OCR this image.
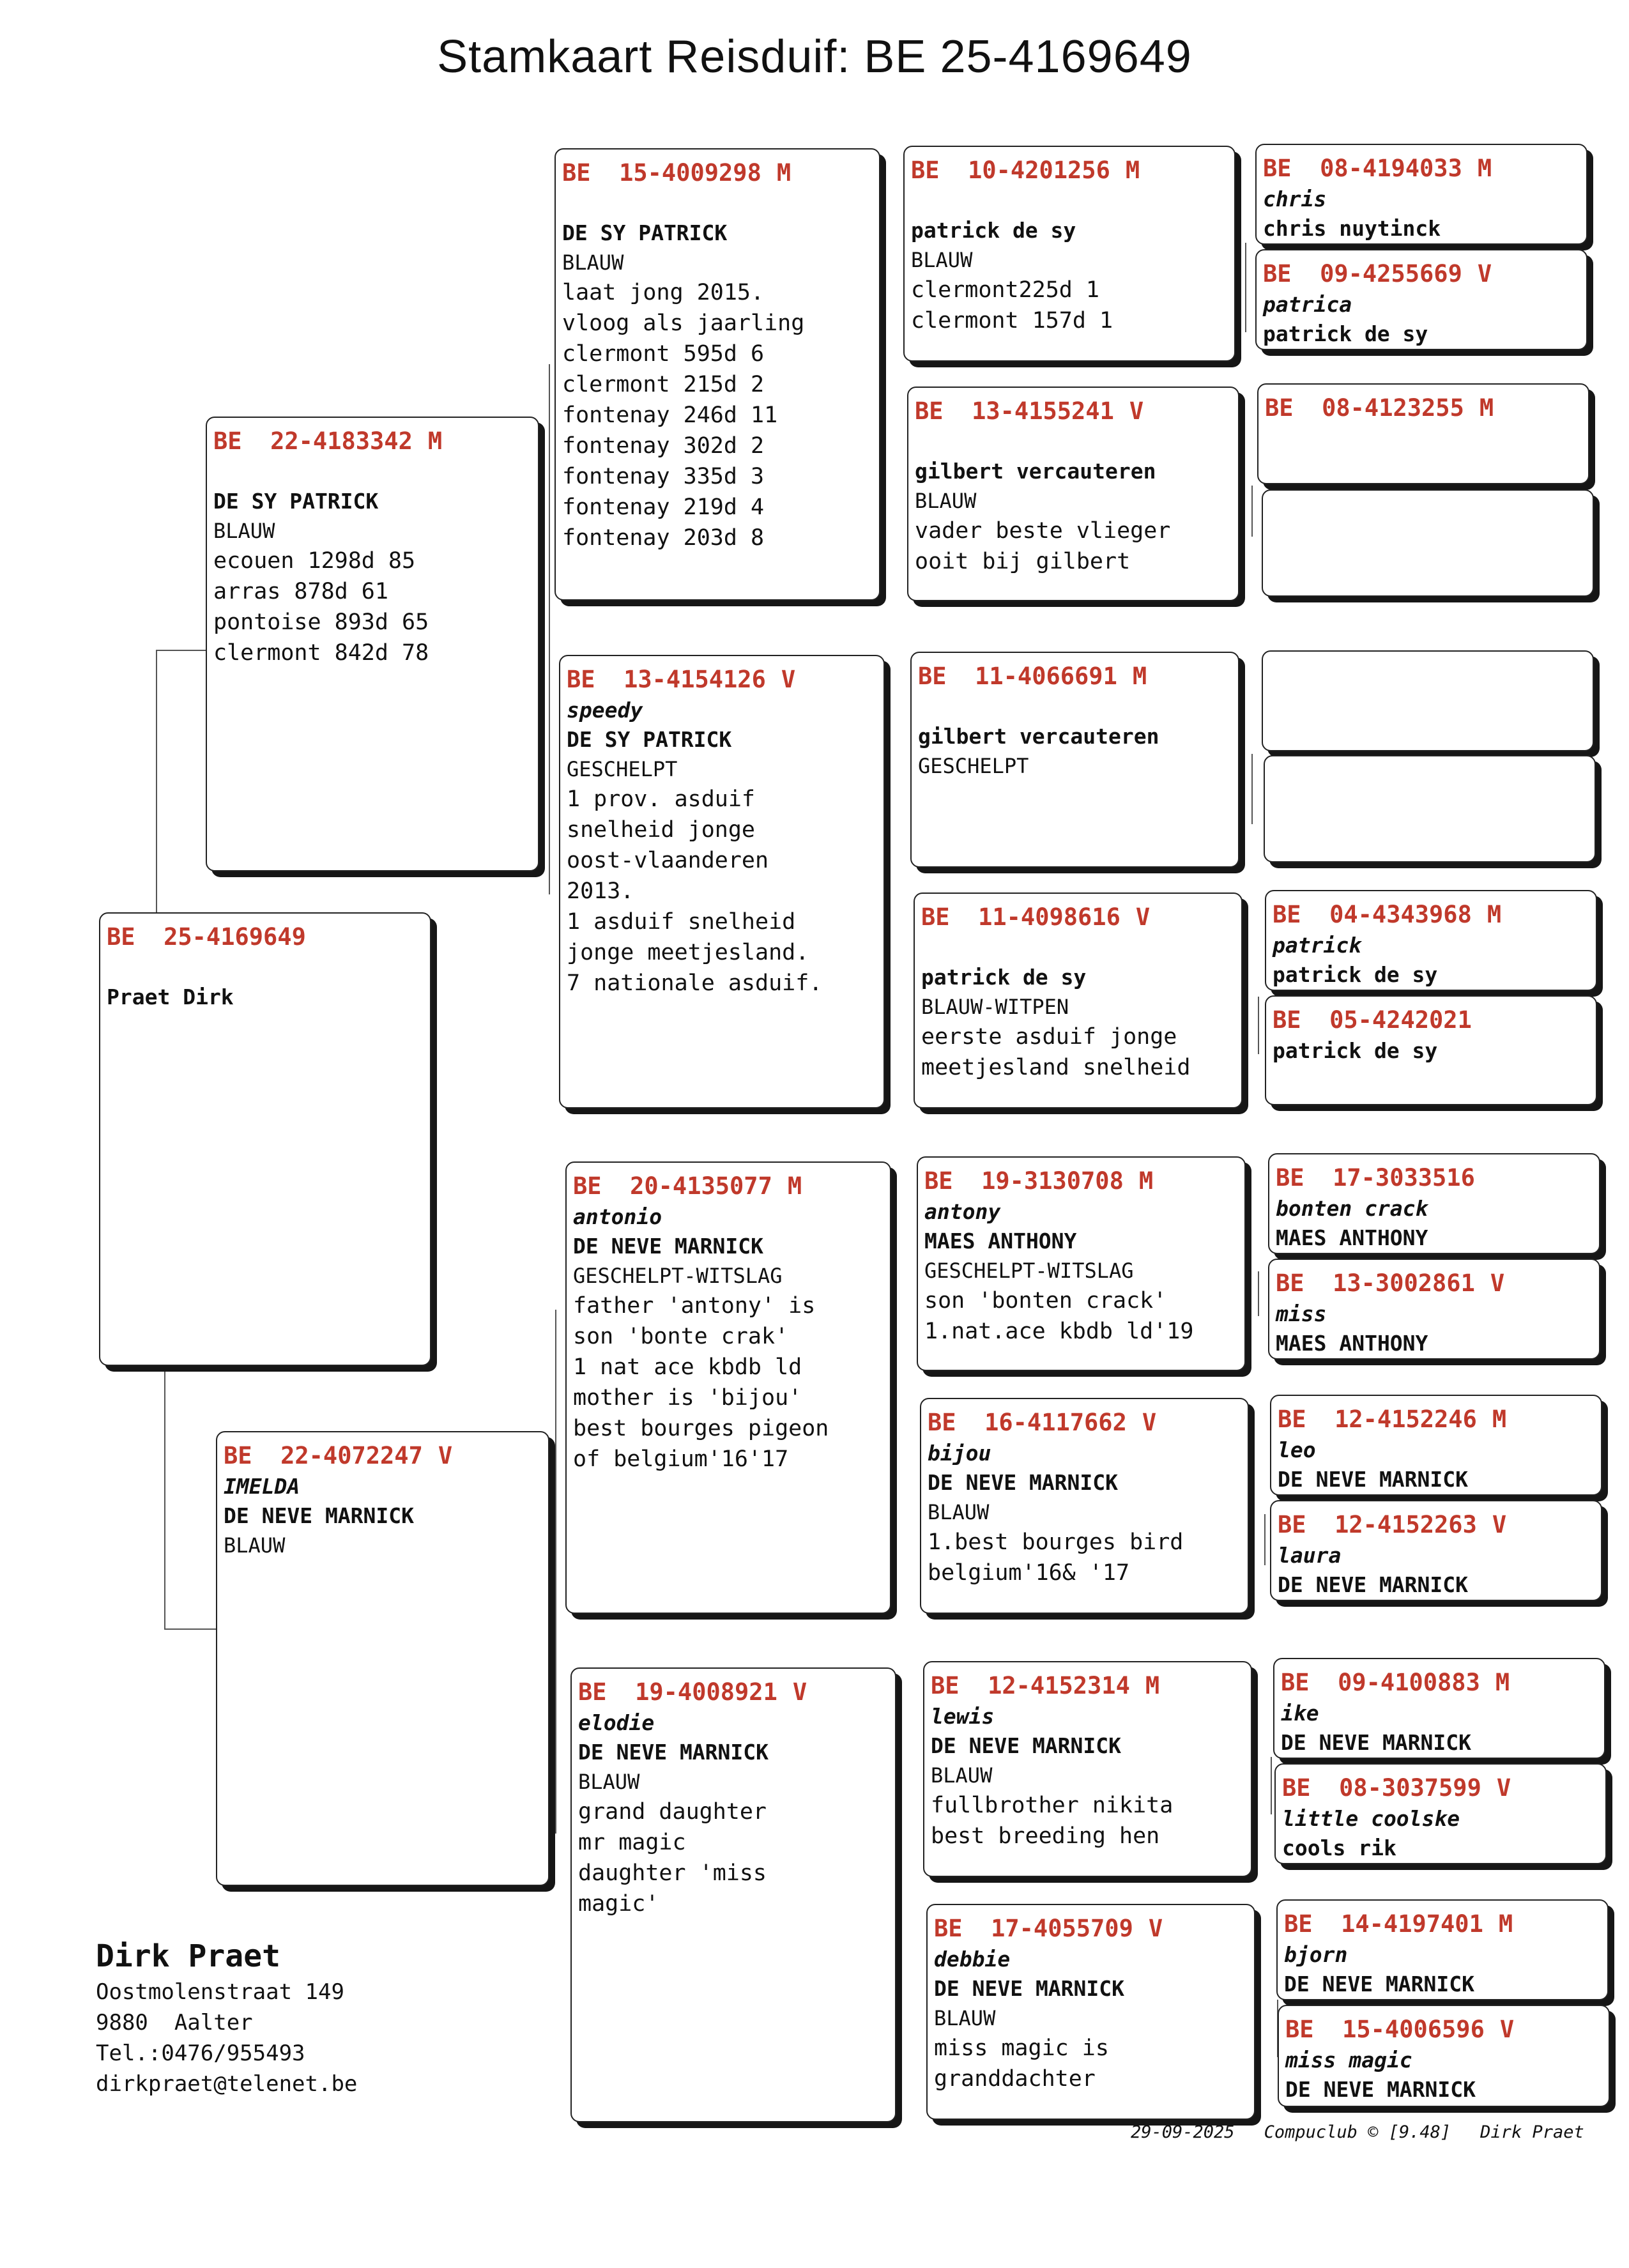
Stamkaart Reisduif: BE 25-4169649
BE  25-4169649
Praet Dirk
BE  22-4183342 M
DE SY PATRICK
BLAUW
ecouen 1298d 85
arras 878d 61
pontoise 893d 65
clermont 842d 78
BE  22-4072247 V
IMELDA
DE NEVE MARNICK
BLAUW
BE  15-4009298 M
DE SY PATRICK
BLAUW
laat jong 2015.
vloog als jaarling
clermont 595d 6
clermont 215d 2
fontenay 246d 11
fontenay 302d 2
fontenay 335d 3
fontenay 219d 4
fontenay 203d 8
BE  13-4154126 V
speedy
DE SY PATRICK
GESCHELPT
1 prov. asduif
snelheid jonge
oost-vlaanderen
2013.
1 asduif snelheid
jonge meetjesland.
7 nationale asduif.
BE  20-4135077 M
antonio
DE NEVE MARNICK
GESCHELPT-WITSLAG
father 'antony' is
son 'bonte crak'
1 nat ace kbdb ld
mother is 'bijou'
best bourges pigeon
of belgium'16'17
BE  19-4008921 V
elodie
DE NEVE MARNICK
BLAUW
grand daughter
mr magic
daughter 'miss
magic'
BE  10-4201256 M
patrick de sy
BLAUW
clermont225d 1
clermont 157d 1
BE  13-4155241 V
gilbert vercauteren
BLAUW
vader beste vlieger
ooit bij gilbert
BE  11-4066691 M
gilbert vercauteren
GESCHELPT
BE  11-4098616 V
patrick de sy
BLAUW-WITPEN
eerste asduif jonge
meetjesland snelheid
BE  19-3130708 M
antony
MAES ANTHONY
GESCHELPT-WITSLAG
son 'bonten crack'
1.nat.ace kbdb ld'19
BE  16-4117662 V
bijou
DE NEVE MARNICK
BLAUW
1.best bourges bird
belgium'16& '17
BE  12-4152314 M
lewis
DE NEVE MARNICK
BLAUW
fullbrother nikita
best breeding hen
BE  17-4055709 V
debbie
DE NEVE MARNICK
BLAUW
miss magic is
granddachter
BE  08-4194033 M
chris
chris nuytinck
BE  09-4255669 V
patrica
patrick de sy
BE  08-4123255 M
BE  04-4343968 M
patrick
patrick de sy
BE  05-4242021
patrick de sy
BE  17-3033516
bonten crack
MAES ANTHONY
BE  13-3002861 V
miss
MAES ANTHONY
BE  12-4152246 M
leo
DE NEVE MARNICK
BE  12-4152263 V
laura
DE NEVE MARNICK
BE  09-4100883 M
ike
DE NEVE MARNICK
BE  08-3037599 V
little coolske
cools rik
BE  14-4197401 M
bjorn
DE NEVE MARNICK
BE  15-4006596 V
miss magic
DE NEVE MARNICK
Dirk Praet
Oostmolenstraat 149
9880  Aalter
Tel.:0476/955493
dirkpraet@telenet.be
29-09-2025 Compuclub © [9.48] Dirk Praet
